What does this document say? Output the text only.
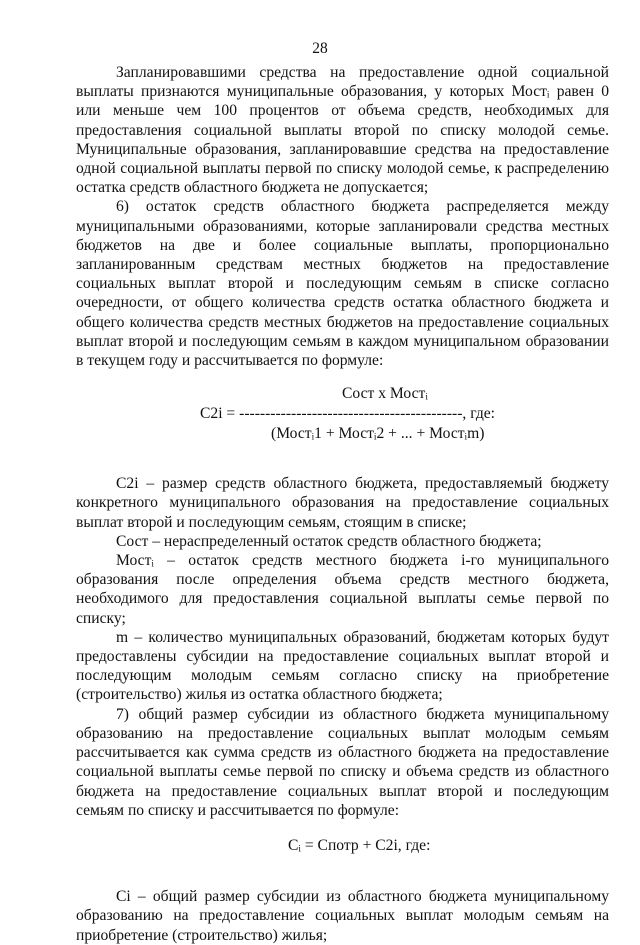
28

Запланировавшими средства на предоставление одной социальной выплаты признаются муниципальные образования, у которых Мостᵢ равен 0 или меньше чем 100 процентов от объема средств, необходимых для предоставления социальной выплаты второй по списку молодой семье. Муниципальные образования, запланировавшие средства на предоставление одной социальной выплаты первой по списку молодой семье, к распределению остатка средств областного бюджета не допускается;

6) остаток средств областного бюджета распределяется между муниципальными образованиями, которые запланировали средства местных бюджетов на две и более социальные выплаты, пропорционально запланированным средствам местных бюджетов на предоставление социальных выплат второй и последующим семьям в списке согласно очередности, от общего количества средств остатка областного бюджета и общего количества средств местных бюджетов на предоставление социальных выплат второй и последующим семьям в каждом муниципальном образовании в текущем году и рассчитывается по формуле:

Сост х Мостᵢ
С2i = -------------------------------------------, где:
(Мостᵢ1 + Мостᵢ2 + ... + Мостᵢm)

С2i – размер средств областного бюджета, предоставляемый бюджету конкретного муниципального образования на предоставление социальных выплат второй и последующим семьям, стоящим в списке;

Сост – нераспределенный остаток средств областного бюджета;

Мостᵢ – остаток средств местного бюджета i-го муниципального образования после определения объема средств местного бюджета, необходимого для предоставления социальной выплаты семье первой по списку;

m – количество муниципальных образований, бюджетам которых будут предоставлены субсидии на предоставление социальных выплат второй и последующим молодым семьям согласно списку на приобретение (строительство) жилья из остатка областного бюджета;

7) общий размер субсидии из областного бюджета муниципальному образованию на предоставление социальных выплат молодым семьям рассчитывается как сумма средств из областного бюджета на предоставление социальной выплаты семье первой по списку и объема средств из областного бюджета на предоставление социальных выплат второй и последующим семьям по списку и рассчитывается по формуле:

Сᵢ = Спотр + С2i, где:

Сi – общий размер субсидии из областного бюджета муниципальному образованию на предоставление социальных выплат молодым семьям на приобретение (строительство) жилья;
